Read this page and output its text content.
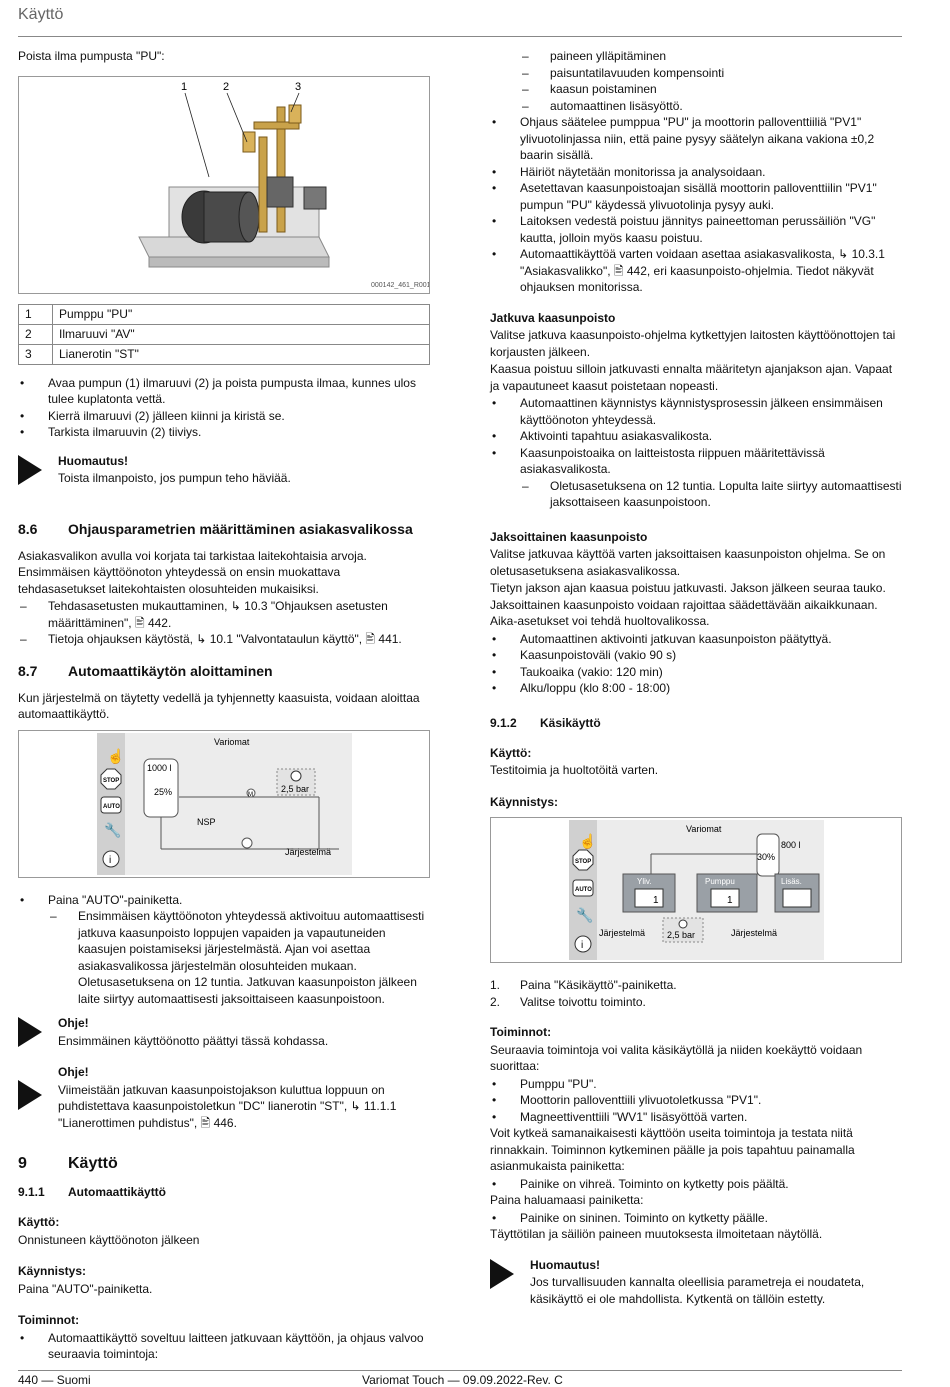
Käyttö

Poista ilma pumpusta "PU":

1	2	3
000142_461_R001
1	Pumppu "PU"
2	Ilmaruuvi "AV"
3	Lianerotin "ST"
• Avaa pumpun (1) ilmaruuvi (2) ja poista pumpusta ilmaa, kunnes ulos tulee kuplatonta vettä.
• Kierrä ilmaruuvi (2) jälleen kiinni ja kiristä se.
• Tarkista ilmaruuvin (2) tiiviys.

Huomautus!

Toista ilmanpoisto, jos pumpun teho häviää.

8.6	Ohjausparametrien määrittäminen asiakasvalikossa

Asiakasvalikon avulla voi korjata tai tarkistaa laitekohtaisia arvoja. Ensimmäisen käyttöönoton yhteydessä on ensin muokattava tehdasasetukset laitekohtaisten olosuhteiden mukaisiksi.

– Tehdasasetusten mukauttaminen, ↳ 10.3 "Ohjauksen asetusten määrittäminen", 🖹 442.
– Tietoja ohjauksen käytöstä, ↳ 10.1 "Valvontataulun käyttö", 🖹 441.
8.7	Automaattikäytön aloittaminen

Kun järjestelmä on täytetty vedellä ja tyhjennetty kaasuista, voidaan aloittaa automaattikäyttö.

☝
STOP
AUTO
🔧
i
Variomat
1000 l
25%	M
2,5 bar
NSP
Järjestelmä
• Paina "AUTO"-painiketta.
– Ensimmäisen käyttöönoton yhteydessä aktivoituu automaattisesti jatkuva kaasunpoisto loppujen vapaiden ja vapautuneiden kaasujen poistamiseksi järjestelmästä. Ajan voi asettaa asiakasvalikossa järjestelmän olosuhteiden mukaan. Oletusasetuksena on 12 tuntia. Jatkuvan kaasunpoiston jälkeen laite siirtyy automaattisesti jaksoittaiseen kaasunpoistoon.

Ohje!

Ensimmäinen käyttöönotto päättyi tässä kohdassa.

Ohje!

Viimeistään jatkuvan kaasunpoistojakson kuluttua loppuun on puhdistettava kaasunpoistoletkun "DC" lianerotin "ST", ↳ 11.1.1 "Lianerottimen puhdistus", 🖹 446.

9	Käyttö
9.1.1	Automaattikäyttö

Käyttö:

Onnistuneen käyttöönoton jälkeen

Käynnistys:

Paina "AUTO"-painiketta.

Toiminnot:

• Automaattikäyttö soveltuu laitteen jatkuvaan käyttöön, ja ohjaus valvoo seuraavia toimintoja:
– paineen ylläpitäminen
– paisuntatilavuuden kompensointi
– kaasun poistaminen
– automaattinen lisäsyöttö.
• Ohjaus säätelee pumppua "PU" ja moottorin palloventtiiliä "PV1" ylivuotolinjassa niin, että paine pysyy säätelyn aikana vakiona ±0,2 baarin sisällä.
• Häiriöt näytetään monitorissa ja analysoidaan.
• Asetettavan kaasunpoistoajan sisällä moottorin palloventtiilin "PV1" pumpun "PU" käydessä ylivuotolinja pysyy auki.
• Laitoksen vedestä poistuu jännitys paineettoman perussäiliön "VG" kautta, jolloin myös kaasu poistuu.
• Automaattikäyttöä varten voidaan asettaa asiakasvalikosta, ↳ 10.3.1 "Asiakasvalikko", 🖹 442, eri kaasunpoisto-ohjelmia. Tiedot näkyvät ohjauksen monitorissa.

Jatkuva kaasunpoisto

Valitse jatkuva kaasunpoisto-ohjelma kytkettyjen laitosten käyttöönottojen tai korjausten jälkeen.

Kaasua poistuu silloin jatkuvasti ennalta määritetyn ajanjakson ajan. Vapaat ja vapautuneet kaasut poistetaan nopeasti.

• Automaattinen käynnistys käynnistysprosessin jälkeen ensimmäisen käyttöönoton yhteydessä.
• Aktivointi tapahtuu asiakasvalikosta.
• Kaasunpoistoaika on laitteistosta riippuen määritettävissä asiakasvalikosta.
– Oletusasetuksena on 12 tuntia. Lopulta laite siirtyy automaattisesti jaksottaiseen kaasunpoistoon.

Jaksoittainen kaasunpoisto

Valitse jatkuvaa käyttöä varten jaksoittaisen kaasunpoiston ohjelma. Se on oletusasetuksena asiakasvalikossa.

Tietyn jakson ajan kaasua poistuu jatkuvasti. Jakson jälkeen seuraa tauko. Jaksoittainen kaasunpoisto voidaan rajoittaa säädettävään aikaikkunaan. Aika-asetukset voi tehdä huoltovalikossa.

• Automaattinen aktivointi jatkuvan kaasunpoiston päätyttyä.
• Kaasunpoistoväli (vakio 90 s)
• Taukoaika (vakio: 120 min)
• Alku/loppu (klo 8:00 - 18:00)
9.1.2	Käsikäyttö

Käyttö:

Testitoimia ja huoltotöitä varten.

Käynnistys:

☝
STOP
AUTO
🔧
i
Variomat
800 l
30%
Yliv.
1
Pumppu
1
Lisäs.
Järjestelmä 2,5 bar	Järjestelmä
1. Paina "Käsikäyttö"-painiketta.
2. Valitse toivottu toiminto.

Toiminnot:

Seuraavia toimintoja voi valita käsikäytöllä ja niiden koekäyttö voidaan suorittaa:

• Pumppu "PU".
• Moottorin palloventtiili ylivuotoletkussa "PV1".
• Magneettiventtiili "WV1" lisäsyöttöä varten.

Voit kytkeä samanaikaisesti käyttöön useita toimintoja ja testata niitä rinnakkain. Toiminnon kytkeminen päälle ja pois tapahtuu painamalla asianmukaista painiketta:

• Painike on vihreä. Toiminto on kytketty pois päältä.

Paina haluamaasi painiketta:

• Painike on sininen. Toiminto on kytketty päälle.

Täyttötilan ja säiliön paineen muutoksesta ilmoitetaan näytöllä.

Huomautus!

Jos turvallisuuden kannalta oleellisia parametreja ei noudateta, käsikäyttö ei ole mahdollista. Kytkentä on tällöin estetty.

440 — Suomi	Variomat Touch — 09.09.2022-Rev. C
